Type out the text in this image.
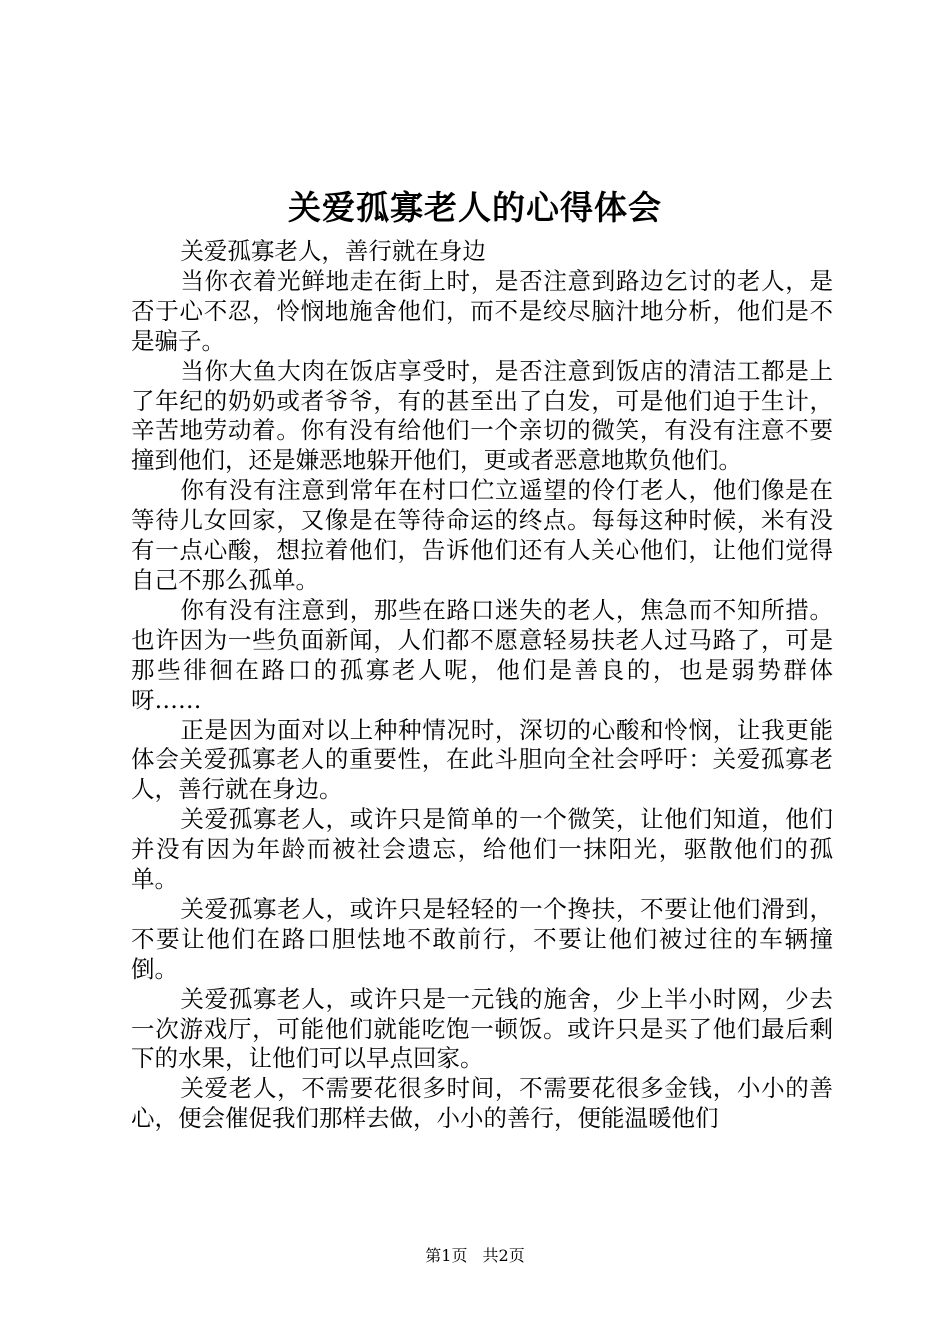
关爱孤寡老人的心得体会

关爱孤寡老人，善行就在身边

当你衣着光鲜地走在街上时，是否注意到路边乞讨的老人，是否于心不忍，怜悯地施舍他们，而不是绞尽脑汁地分析，他们是不是骗子。

当你大鱼大肉在饭店享受时，是否注意到饭店的清洁工都是上了年纪的奶奶或者爷爷，有的甚至出了白发，可是他们迫于生计，辛苦地劳动着。你有没有给他们一个亲切的微笑，有没有注意不要撞到他们，还是嫌恶地躲开他们，更或者恶意地欺负他们。

你有没有注意到常年在村口伫立遥望的伶仃老人，他们像是在等待儿女回家，又像是在等待命运的终点。每每这种时候，米有没有一点心酸，想拉着他们，告诉他们还有人关心他们，让他们觉得自己不那么孤单。

你有没有注意到，那些在路口迷失的老人，焦急而不知所措。也许因为一些负面新闻，人们都不愿意轻易扶老人过马路了，可是那些徘徊在路口的孤寡老人呢，他们是善良的，也是弱势群体呀……

正是因为面对以上种种情况时，深切的心酸和怜悯，让我更能体会关爱孤寡老人的重要性，在此斗胆向全社会呼吁：关爱孤寡老人，善行就在身边。

关爱孤寡老人，或许只是简单的一个微笑，让他们知道，他们并没有因为年龄而被社会遗忘，给他们一抹阳光，驱散他们的孤单。

关爱孤寡老人，或许只是轻轻的一个搀扶，不要让他们滑到，不要让他们在路口胆怯地不敢前行，不要让他们被过往的车辆撞倒。

关爱孤寡老人，或许只是一元钱的施舍，少上半小时网，少去一次游戏厅，可能他们就能吃饱一顿饭。或许只是买了他们最后剩下的水果，让他们可以早点回家。

关爱老人，不需要花很多时间，不需要花很多金钱，小小的善心，便会催促我们那样去做，小小的善行，便能温暖他们

第1页 共2页
